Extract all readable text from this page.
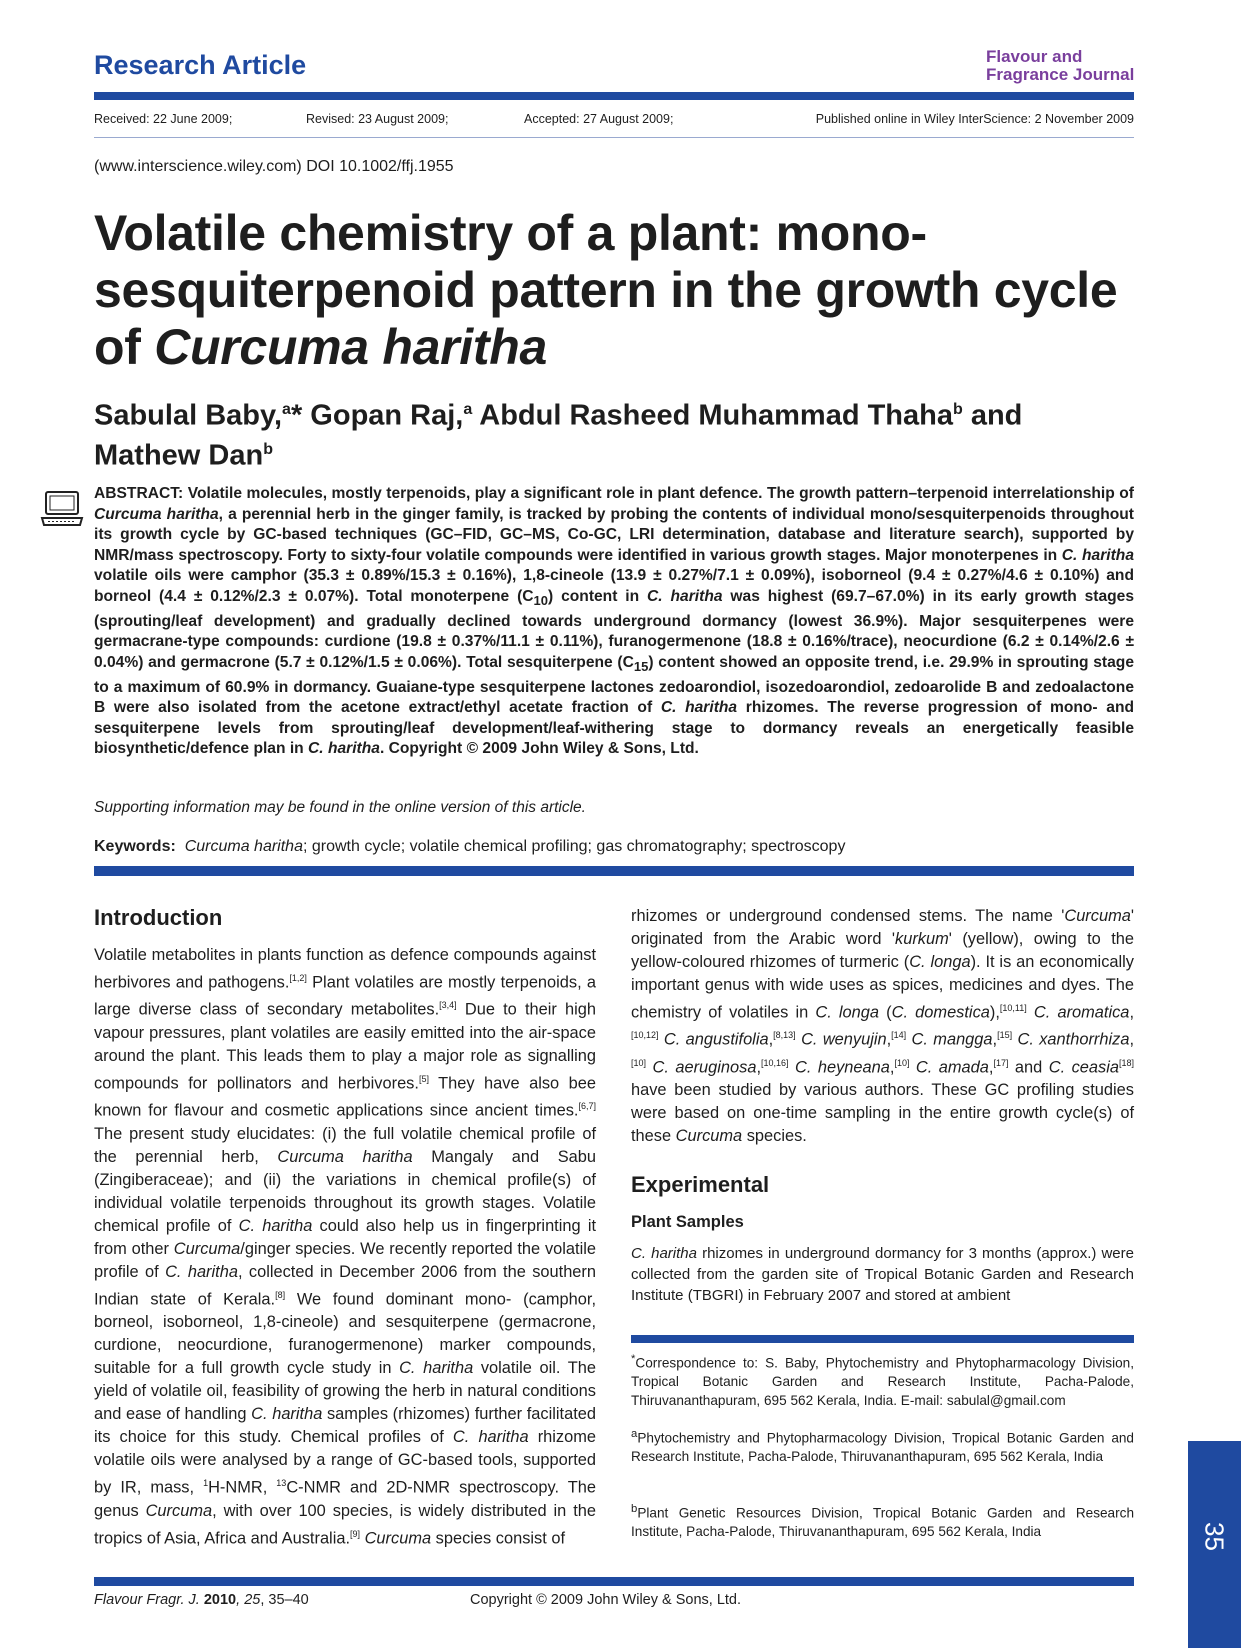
Research Article	Flavour and
Fragrance Journal
Received: 22 June 2009;	Revised: 23 August 2009;	Accepted: 27 August 2009;	Published online in Wiley InterScience: 2 November 2009
(www.interscience.wiley.com) DOI 10.1002/ffj.1955
Volatile chemistry of a plant: mono-sesquiterpenoid pattern in the growth cycle of Curcuma haritha
Sabulal Baby,$^a$* Gopan Raj,$^a$ Abdul Rasheed Muhammad Thaha$^b$ and
Mathew Dan$^b$
ABSTRACT: Volatile molecules, mostly terpenoids, play a significant role in plant defence. The growth pattern–terpenoid interrelationship of Curcuma haritha, a perennial herb in the ginger family, is tracked by probing the contents of individual mono/sesquiterpenoids throughout its growth cycle by GC-based techniques (GC–FID, GC–MS, Co-GC, LRI determination, database and literature search), supported by NMR/mass spectroscopy. Forty to sixty-four volatile compounds were identified in various growth stages. Major monoterpenes in C. haritha volatile oils were camphor (35.3 ± 0.89%/15.3 ± 0.16%), 1,8-cineole (13.9 ± 0.27%/7.1 ± 0.09%), isoborneol (9.4 ± 0.27%/4.6 ± 0.10%) and borneol (4.4 ± 0.12%/2.3 ± 0.07%). Total monoterpene $(C_{10})$ content in C. haritha was highest (69.7–67.0%) in its early growth stages (sprouting/leaf development) and gradually declined towards underground dormancy (lowest 36.9%). Major sesquiterpenes were germacrane-type compounds: curdione (19.8 ± 0.37%/11.1 ± 0.11%), furanogermenone (18.8 ± 0.16%/trace), neocurdione (6.2 ± 0.14%/2.6 ± 0.04%) and germacrone (5.7 ± 0.12%/1.5 ± 0.06%). Total sesquiterpene $(C_{15})$ content showed an opposite trend, i.e. 29.9% in sprouting stage to a maximum of 60.9% in dormancy. Guaiane-type sesquiterpene lactones zedoarondiol, isozedoarondiol, zedoarolide B and zedoalactone B were also isolated from the acetone extract/ethyl acetate fraction of C. haritha rhizomes. The reverse progression of mono- and sesquiterpene levels from sprouting/leaf development/leaf-withering stage to dormancy reveals an energetically feasible biosynthetic/defence plan in C. haritha. Copyright © 2009 John Wiley & Sons, Ltd.
Supporting information may be found in the online version of this article.
Keywords: Curcuma haritha; growth cycle; volatile chemical profiling; gas chromatography; spectroscopy
Introduction
Volatile metabolites in plants function as defence compounds against herbivores and pathogens.[1,2] Plant volatiles are mostly terpenoids, a large diverse class of secondary metabolites.[3,4] Due to their high vapour pressures, plant volatiles are easily emitted into the air-space around the plant. This leads them to play a major role as signalling compounds for pollinators and herbivores.[5] They have also bee known for flavour and cosmetic applications since ancient times.[6,7] The present study elucidates: (i) the full volatile chemical profile of the perennial herb, Curcuma haritha Mangaly and Sabu (Zingiberaceae); and (ii) the variations in chemical profile(s) of individual volatile terpenoids throughout its growth stages. Volatile chemical profile of C. haritha could also help us in fingerprinting it from other Curcuma/ginger species. We recently reported the volatile profile of C. haritha, collected in December 2006 from the southern Indian state of Kerala.[8] We found dominant mono- (camphor, borneol, isoborneol, 1,8-cineole) and sesquiterpene (germacrone, curdione, neocurdione, furanogermenone) marker compounds, suitable for a full growth cycle study in C. haritha volatile oil. The yield of volatile oil, feasibility of growing the herb in natural conditions and ease of handling C. haritha samples (rhizomes) further facilitated its choice for this study. Chemical profiles of C. haritha rhizome volatile oils were analysed by a range of GC-based tools, supported by IR, mass, $^1$H-NMR, $^{13}$C-NMR and 2D-NMR spectroscopy. The genus Curcuma, with over 100 species, is widely distributed in the tropics of Asia, Africa and Australia.[9] Curcuma species consist of
rhizomes or underground condensed stems. The name 'Curcuma' originated from the Arabic word 'kurkum' (yellow), owing to the yellow-coloured rhizomes of turmeric (C. longa). It is an economically important genus with wide uses as spices, medicines and dyes. The chemistry of volatiles in C. longa (C. domestica),[10,11] C. aromatica,[10,12] C. angustifolia,[8,13] C. wenyujin,[14] C. mangga,[15] C. xanthorrhiza,[10] C. aeruginosa,[10,16] C. heyneana,[10] C. amada,[17] and C. ceasia[18] have been studied by various authors. These GC profiling studies were based on one-time sampling in the entire growth cycle(s) of these Curcuma species.
Experimental
Plant Samples
C. haritha rhizomes in underground dormancy for 3 months (approx.) were collected from the garden site of Tropical Botanic Garden and Research Institute (TBGRI) in February 2007 and stored at ambient
*Correspondence to: S. Baby, Phytochemistry and Phytopharmacology Division, Tropical Botanic Garden and Research Institute, Pacha-Palode, Thiruvananthapuram, 695 562 Kerala, India. E-mail: sabulal@gmail.com
$^a$Phytochemistry and Phytopharmacology Division, Tropical Botanic Garden and Research Institute, Pacha-Palode, Thiruvananthapuram, 695 562 Kerala, India
$^b$Plant Genetic Resources Division, Tropical Botanic Garden and Research Institute, Pacha-Palode, Thiruvananthapuram, 695 562 Kerala, India
Flavour Fragr. J. 2010, 25, 35–40	Copyright © 2009 John Wiley & Sons, Ltd.
35
